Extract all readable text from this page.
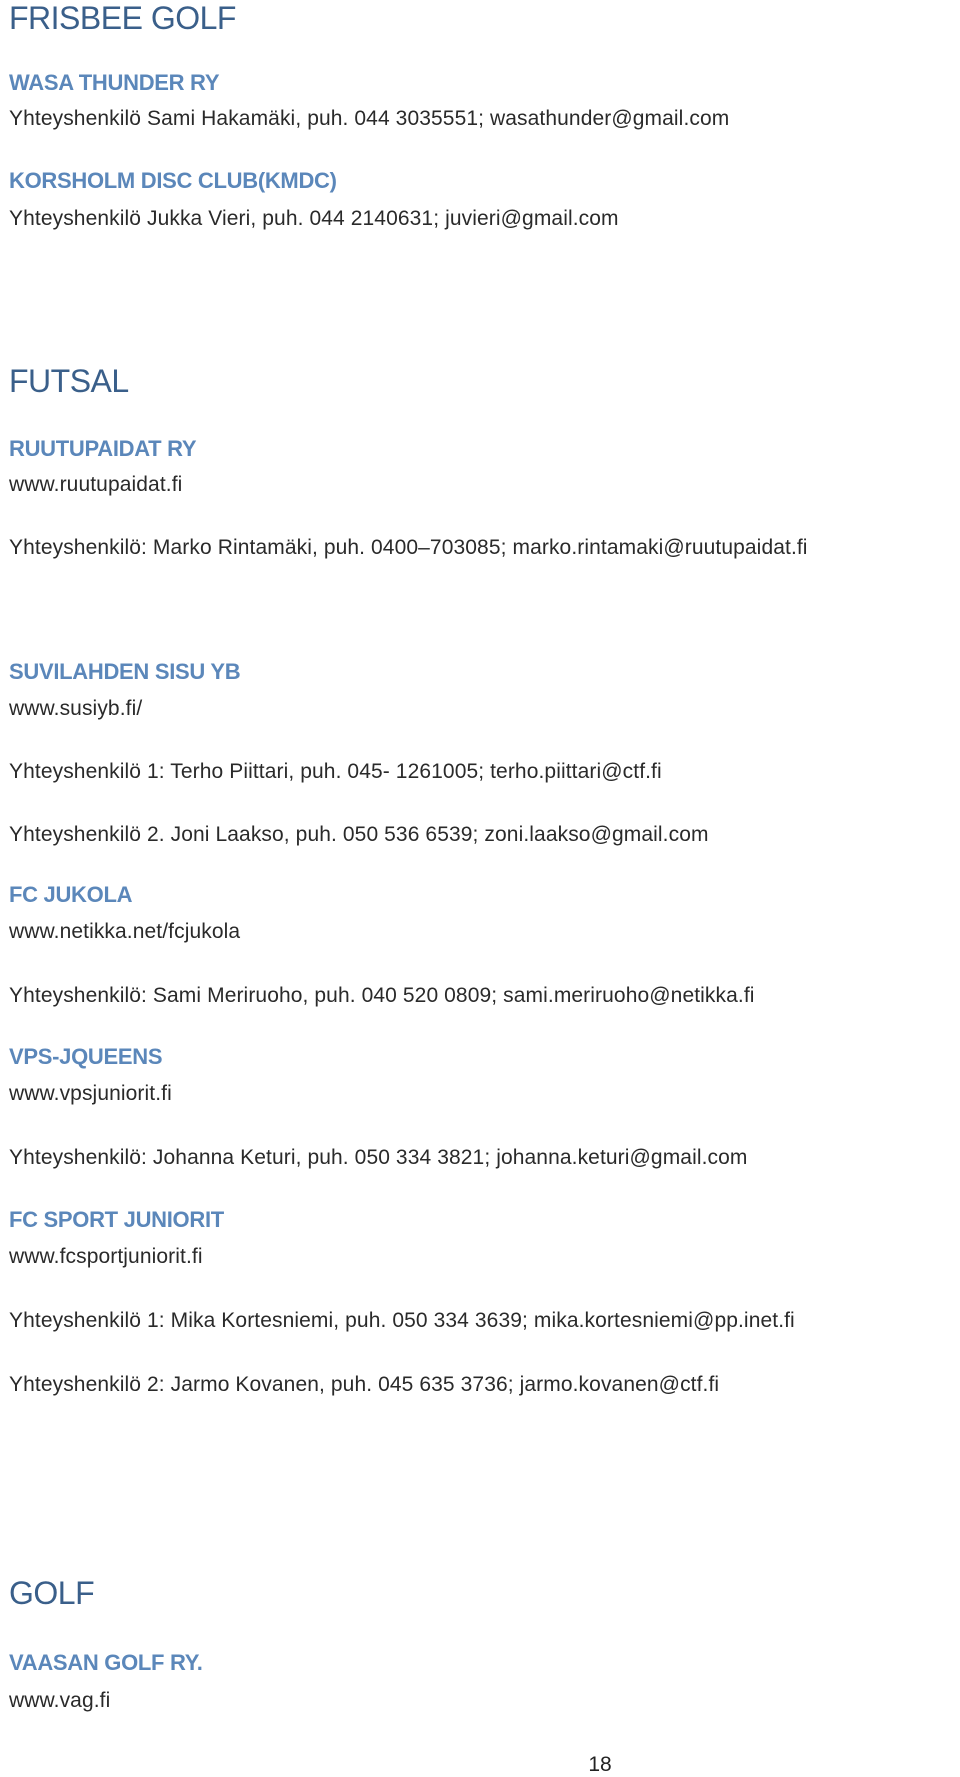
FRISBEE GOLF
WASA THUNDER RY
Yhteyshenkilö Sami Hakamäki, puh. 044 3035551; wasathunder@gmail.com
KORSHOLM DISC CLUB(KMDC)
Yhteyshenkilö Jukka Vieri, puh. 044 2140631; juvieri@gmail.com
FUTSAL
RUUTUPAIDAT RY
www.ruutupaidat.fi
Yhteyshenkilö: Marko Rintamäki, puh. 0400–703085; marko.rintamaki@ruutupaidat.fi
SUVILAHDEN SISU YB
www.susiyb.fi/
Yhteyshenkilö 1: Terho Piittari, puh. 045- 1261005; terho.piittari@ctf.fi
Yhteyshenkilö 2. Joni Laakso, puh. 050 536 6539; zoni.laakso@gmail.com
FC JUKOLA
www.netikka.net/fcjukola
Yhteyshenkilö: Sami Meriruoho, puh. 040 520 0809; sami.meriruoho@netikka.fi
VPS-JQUEENS
www.vpsjuniorit.fi
Yhteyshenkilö: Johanna Keturi, puh. 050 334 3821; johanna.keturi@gmail.com
FC SPORT JUNIORIT
www.fcsportjuniorit.fi
Yhteyshenkilö 1: Mika Kortesniemi, puh. 050 334 3639; mika.kortesniemi@pp.inet.fi
Yhteyshenkilö 2: Jarmo Kovanen, puh. 045 635 3736; jarmo.kovanen@ctf.fi
GOLF
VAASAN GOLF RY.
www.vag.fi
18
